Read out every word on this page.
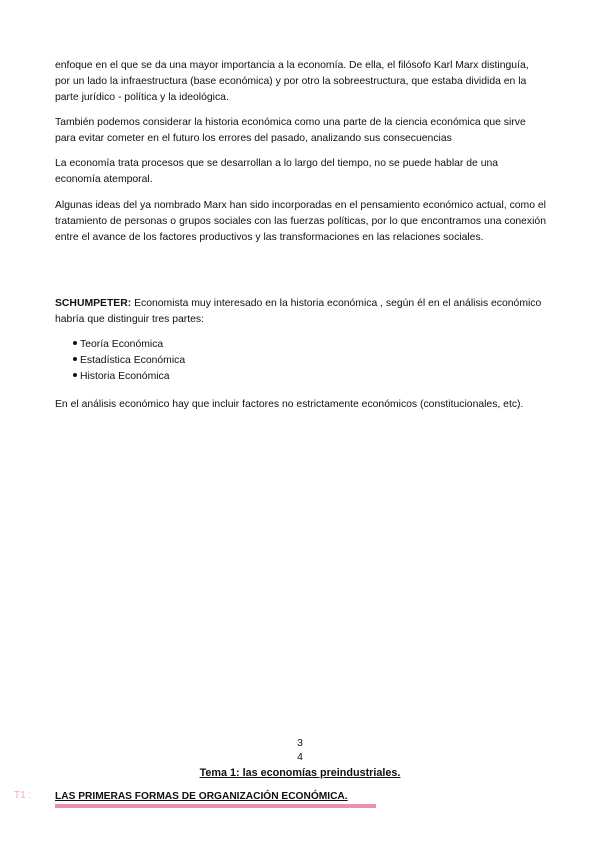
enfoque en el que se da una mayor importancia a la economía. De ella, el filósofo Karl Marx distinguía, por un lado la infraestructura (base económica) y por otro la sobreestructura, que estaba dividida en la parte jurídico - política y la ideológica.

También podemos considerar la historia económica como una parte de la ciencia económica que sirve para evitar cometer en el futuro los errores del pasado, analizando sus consecuencias

La economía trata procesos que se desarrollan a lo largo del tiempo, no se puede hablar de una economía atemporal.

Algunas ideas del ya nombrado Marx han sido incorporadas en el pensamiento económico actual, como el tratamiento de personas o grupos sociales con las fuerzas políticas, por lo que encontramos una conexión entre el avance de los factores productivos y las transformaciones en las relaciones sociales.

SCHUMPETER: Economista muy interesado en la historia económica , según él en el análisis económico habría que distinguir tres partes:

Teoría Económica
Estadística Económica
Historia Económica

En el análisis económico hay que incluir factores no estrictamente económicos (constitucionales, etc).

3
4
Tema 1: las economías preindustriales.
T1 : LAS PRIMERAS FORMAS DE ORGANIZACIÓN ECONÓMICA.
